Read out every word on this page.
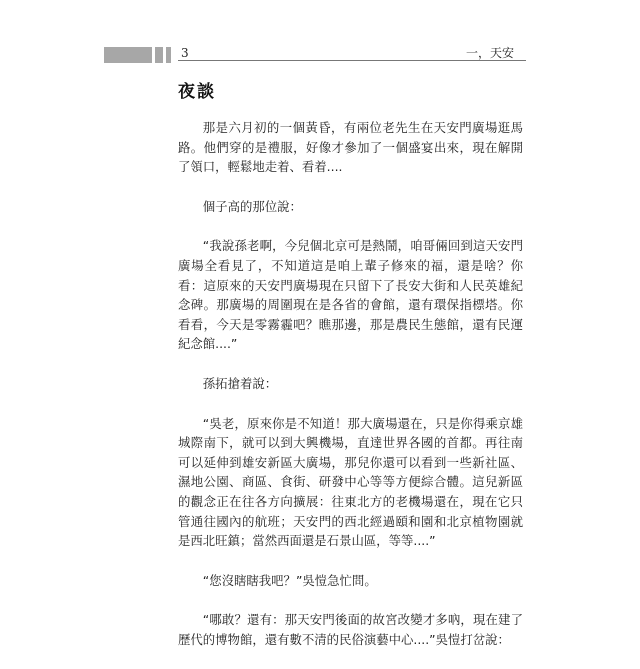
3	一，天安
夜談

那是六月初的一個黃昏，有兩位老先生在天安門廣場逛馬路。他們穿的是禮服，好像才參加了一個盛宴出來，現在解開了領口，輕鬆地走着、看着....

個子高的那位說：

“我說孫老啊，今兒個北京可是熱鬧，咱哥倆回到這天安門廣場全看見了，不知道這是咱上輩子修來的福，還是啥？你看：這原來的天安門廣場現在只留下了長安大街和人民英雄紀念碑。那廣場的周圍現在是各省的會館，還有環保指標塔。你看看，今天是零霧霾吧？瞧那邊，那是農民生態館，還有民運紀念館....”

孫拓搶着說：

“吳老，原來你是不知道！那大廣場還在，只是你得乘京雄城際南下，就可以到大興機場，直達世界各國的首都。再往南可以延伸到雄安新區大廣場，那兒你還可以看到一些新社區、濕地公園、商區、食街、研發中心等等方便綜合體。這兒新區的觀念正在往各方向擴展：往東北方的老機場還在，現在它只管通往國內的航班；天安門的西北經過頤和園和北京植物園就是西北旺鎮；當然西面還是石景山區，等等....”

“您沒瞎瞎我吧？”吳愷急忙問。

“哪敢？還有：那天安門後面的故宮改變才多吶，現在建了歷代的博物館，還有數不清的民俗演藝中心....”吳愷打岔說：
